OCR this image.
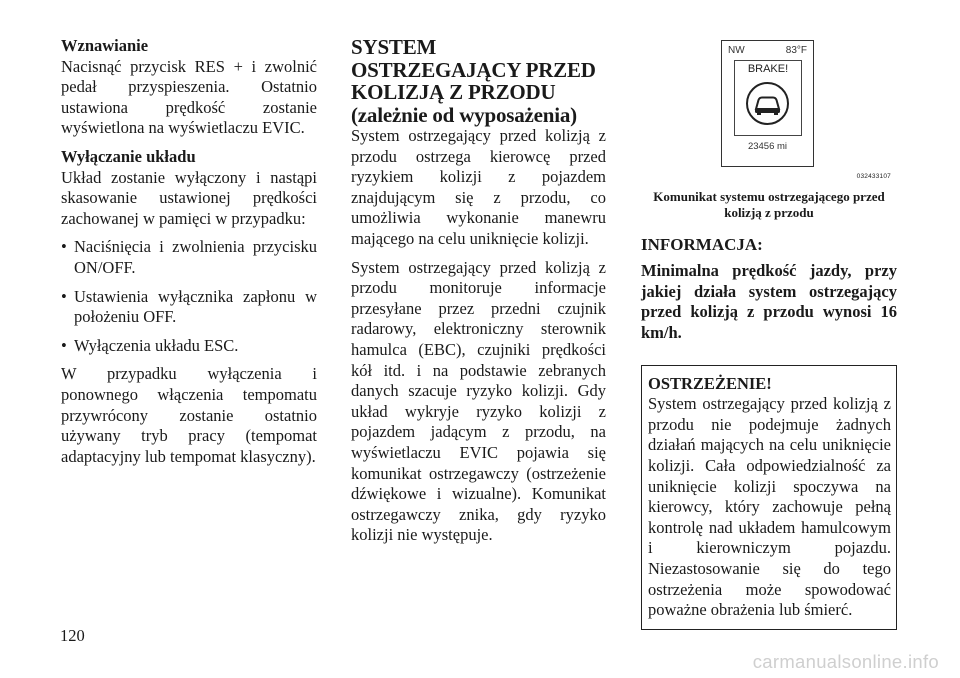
Wznawianie

Nacisnąć przycisk RES + i zwolnić pedał przyspieszenia. Ostatnio ustawiona prędkość zostanie wyświetlona na wyświetlaczu EVIC.

Wyłączanie układu

Układ zostanie wyłączony i nastąpi skasowanie ustawionej prędkości zachowanej w pamięci w przypadku:

• Naciśnięcia i zwolnienia przycisku ON/OFF.
• Ustawienia wyłącznika zapłonu w położeniu OFF.
• Wyłączenia układu ESC.

W przypadku wyłączenia i ponownego włączenia tempomatu przywrócony zostanie ostatnio używany tryb pracy (tempomat adaptacyjny lub tempomat klasyczny).

SYSTEM OSTRZEGAJĄCY PRZED KOLIZJĄ Z PRZODU (zależnie od wyposażenia)

System ostrzegający przed kolizją z przodu ostrzega kierowcę przed ryzykiem kolizji z pojazdem znajdującym się z przodu, co umożliwia wykonanie manewru mającego na celu uniknięcie kolizji.

System ostrzegający przed kolizją z przodu monitoruje informacje przesyłane przez przedni czujnik radarowy, elektroniczny sterownik hamulca (EBC), czujniki prędkości kół itd. i na podstawie zebranych danych szacuje ryzyko kolizji. Gdy układ wykryje ryzyko kolizji z pojazdem jadącym z przodu, na wyświetlaczu EVIC pojawia się komunikat ostrzegawczy (ostrzeżenie dźwiękowe i wizualne). Komunikat ostrzegawczy znika, gdy ryzyko kolizji nie występuje.

NW	83°F
BRAKE!
23456 mi
032433107

Komunikat systemu ostrzegającego przed kolizją z przodu

INFORMACJA:

Minimalna prędkość jazdy, przy jakiej działa system ostrzegający przed kolizją z przodu wynosi 16 km/h.

OSTRZEŻENIE!

System ostrzegający przed kolizją z przodu nie podejmuje żadnych działań mających na celu uniknięcie kolizji. Cała odpowiedzialność za uniknięcie kolizji spoczywa na kierowcy, który zachowuje pełną kontrolę nad układem hamulcowym i kierowniczym pojazdu. Niezastosowanie się do tego ostrzeżenia może spowodować poważne obrażenia lub śmierć.

120
carmanualsonline.info
